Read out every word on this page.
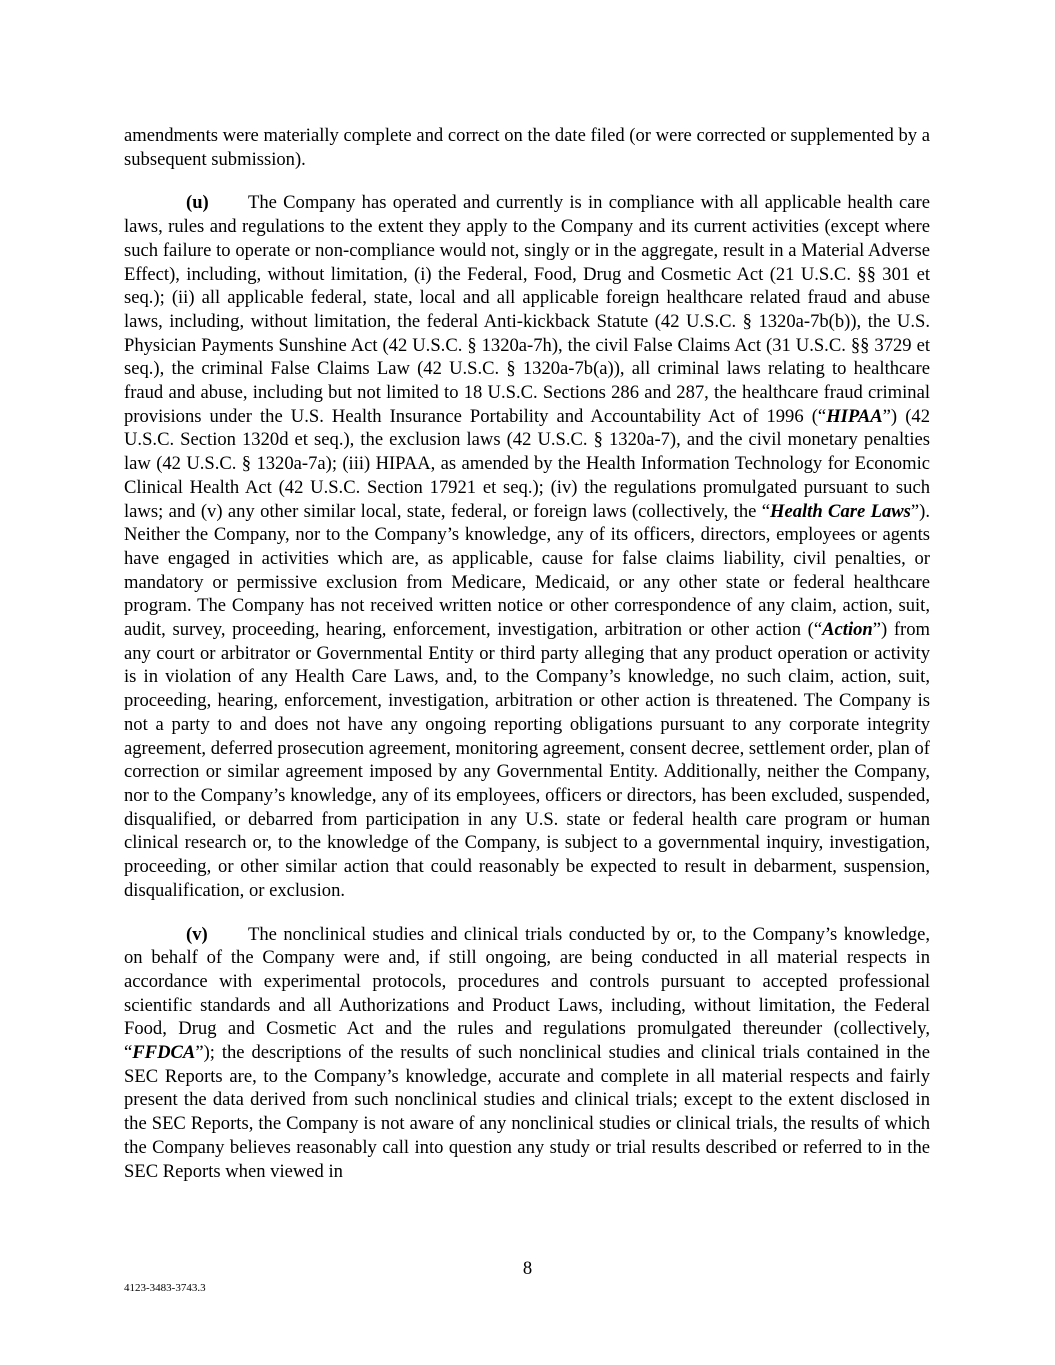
amendments were materially complete and correct on the date filed (or were corrected or supplemented by a subsequent submission).

(u) The Company has operated and currently is in compliance with all applicable health care laws, rules and regulations to the extent they apply to the Company and its current activities (except where such failure to operate or non-compliance would not, singly or in the aggregate, result in a Material Adverse Effect), including, without limitation, (i) the Federal, Food, Drug and Cosmetic Act (21 U.S.C. §§ 301 et seq.); (ii) all applicable federal, state, local and all applicable foreign healthcare related fraud and abuse laws, including, without limitation, the federal Anti-kickback Statute (42 U.S.C. § 1320a-7b(b)), the U.S. Physician Payments Sunshine Act (42 U.S.C. § 1320a-7h), the civil False Claims Act (31 U.S.C. §§ 3729 et seq.), the criminal False Claims Law (42 U.S.C. § 1320a-7b(a)), all criminal laws relating to healthcare fraud and abuse, including but not limited to 18 U.S.C. Sections 286 and 287, the healthcare fraud criminal provisions under the U.S. Health Insurance Portability and Accountability Act of 1996 (“HIPAA”) (42 U.S.C. Section 1320d et seq.), the exclusion laws (42 U.S.C. § 1320a-7), and the civil monetary penalties law (42 U.S.C. § 1320a-7a); (iii) HIPAA, as amended by the Health Information Technology for Economic Clinical Health Act (42 U.S.C. Section 17921 et seq.); (iv) the regulations promulgated pursuant to such laws; and (v) any other similar local, state, federal, or foreign laws (collectively, the “Health Care Laws”). Neither the Company, nor to the Company’s knowledge, any of its officers, directors, employees or agents have engaged in activities which are, as applicable, cause for false claims liability, civil penalties, or mandatory or permissive exclusion from Medicare, Medicaid, or any other state or federal healthcare program. The Company has not received written notice or other correspondence of any claim, action, suit, audit, survey, proceeding, hearing, enforcement, investigation, arbitration or other action (“Action”) from any court or arbitrator or Governmental Entity or third party alleging that any product operation or activity is in violation of any Health Care Laws, and, to the Company’s knowledge, no such claim, action, suit, proceeding, hearing, enforcement, investigation, arbitration or other action is threatened. The Company is not a party to and does not have any ongoing reporting obligations pursuant to any corporate integrity agreement, deferred prosecution agreement, monitoring agreement, consent decree, settlement order, plan of correction or similar agreement imposed by any Governmental Entity. Additionally, neither the Company, nor to the Company’s knowledge, any of its employees, officers or directors, has been excluded, suspended, disqualified, or debarred from participation in any U.S. state or federal health care program or human clinical research or, to the knowledge of the Company, is subject to a governmental inquiry, investigation, proceeding, or other similar action that could reasonably be expected to result in debarment, suspension, disqualification, or exclusion.

(v) The nonclinical studies and clinical trials conducted by or, to the Company’s knowledge, on behalf of the Company were and, if still ongoing, are being conducted in all material respects in accordance with experimental protocols, procedures and controls pursuant to accepted professional scientific standards and all Authorizations and Product Laws, including, without limitation, the Federal Food, Drug and Cosmetic Act and the rules and regulations promulgated thereunder (collectively, “FFDCA”); the descriptions of the results of such nonclinical studies and clinical trials contained in the SEC Reports are, to the Company’s knowledge, accurate and complete in all material respects and fairly present the data derived from such nonclinical studies and clinical trials; except to the extent disclosed in the SEC Reports, the Company is not aware of any nonclinical studies or clinical trials, the results of which the Company believes reasonably call into question any study or trial results described or referred to in the SEC Reports when viewed in

8
4123-3483-3743.3
